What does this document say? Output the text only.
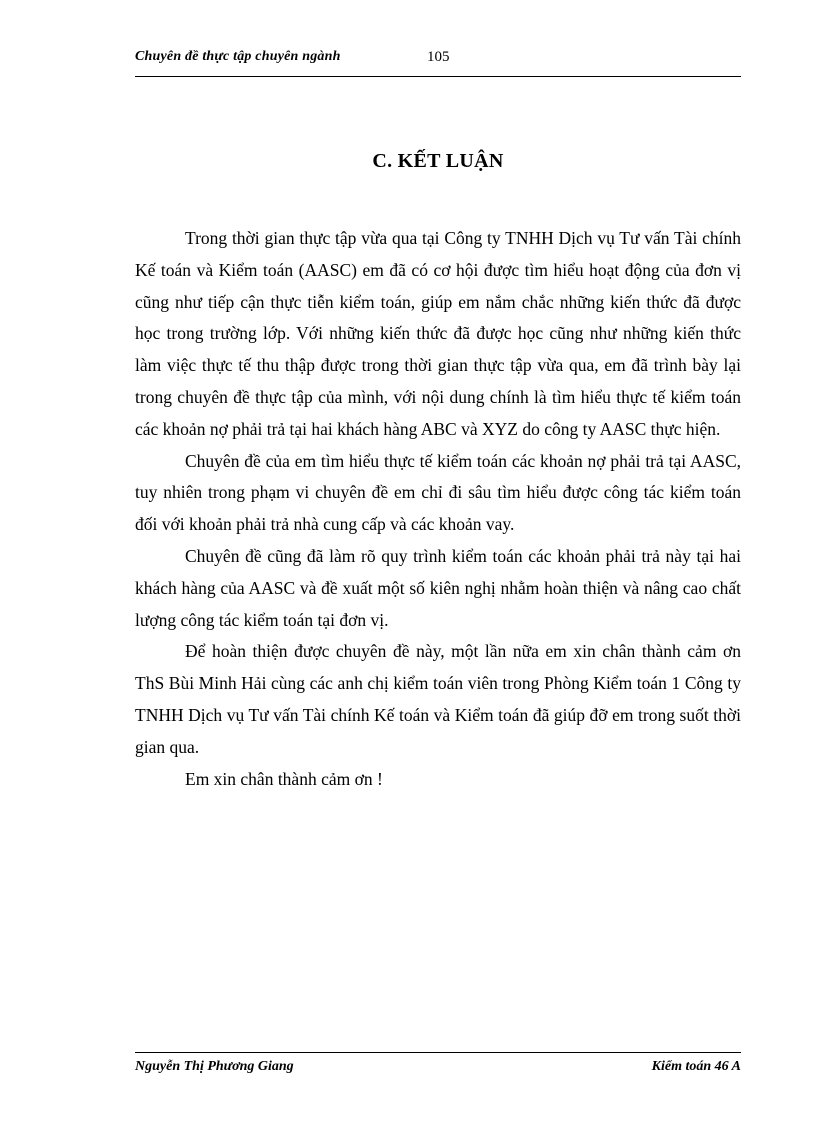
Chuyên đề thực tập chuyên ngành	105
C. KẾT LUẬN

Trong thời gian thực tập vừa qua tại Công ty TNHH Dịch vụ Tư vấn Tài chính Kế toán và Kiểm toán (AASC) em đã có cơ hội được tìm hiểu hoạt động của đơn vị cũng như tiếp cận thực tiễn kiểm toán, giúp em nắm chắc những kiến thức đã được học trong trường lớp. Với những kiến thức đã được học cũng như những kiến thức làm việc thực tế thu thập được trong thời gian thực tập vừa qua, em đã trình bày lại trong chuyên đề thực tập của mình, với nội dung chính là tìm hiểu thực tế kiểm toán các khoản nợ phải trả tại hai khách hàng ABC và XYZ do công ty AASC thực hiện.

Chuyên đề của em tìm hiểu thực tế kiểm toán các khoản nợ phải trả tại AASC, tuy nhiên trong phạm vi chuyên đề em chỉ đi sâu tìm hiểu được công tác kiểm toán đối với khoản phải trả nhà cung cấp và các khoản vay.

Chuyên đề cũng đã làm rõ quy trình kiểm toán các khoản phải trả này tại hai khách hàng của AASC và đề xuất một số kiên nghị nhằm hoàn thiện và nâng cao chất lượng công tác kiểm toán tại đơn vị.

Để hoàn thiện được chuyên đề này, một lần nữa em xin chân thành cảm ơn ThS Bùi Minh Hải cùng các anh chị kiểm toán viên trong Phòng Kiểm toán 1 Công ty TNHH Dịch vụ Tư vấn Tài chính Kế toán và Kiểm toán đã giúp đỡ em trong suốt thời gian qua.

Em xin chân thành cảm ơn !

Nguyễn Thị Phương Giang	Kiểm toán 46 A
